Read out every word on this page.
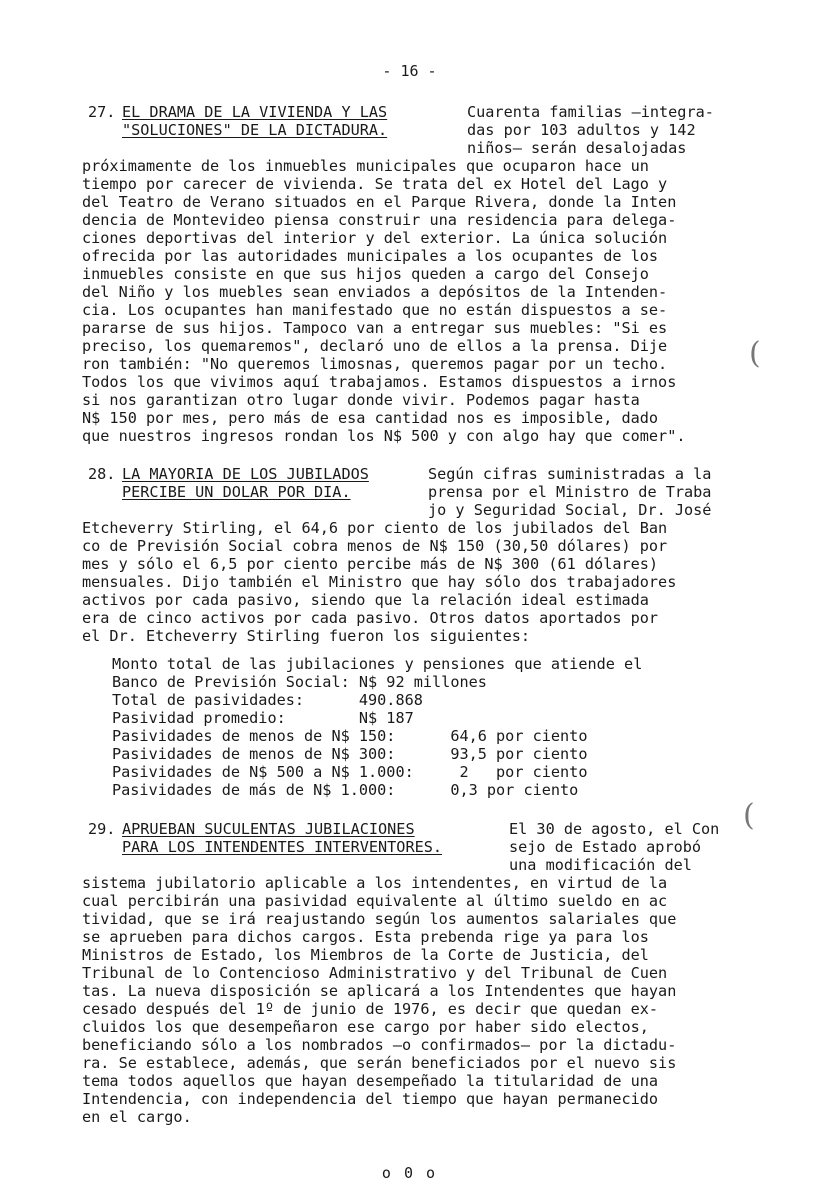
- 16 -
27. EL DRAMA DE LA VIVIENDA Y LAS
"SOLUCIONES" DE LA DICTADURA.
Cuarenta familias —integra-
das por 103 adultos y 142
niños— serán desalojadas
próximamente de los inmuebles municipales que ocuparon hace un
tiempo por carecer de vivienda. Se trata del ex Hotel del Lago y
del Teatro de Verano situados en el Parque Rivera, donde la Inten
dencia de Montevideo piensa construir una residencia para delega-
ciones deportivas del interior y del exterior. La única solución
ofrecida por las autoridades municipales a los ocupantes de los
inmuebles consiste en que sus hijos queden a cargo del Consejo
del Niño y los muebles sean enviados a depósitos de la Intenden-
cia. Los ocupantes han manifestado que no están dispuestos a se-
pararse de sus hijos. Tampoco van a entregar sus muebles: "Si es
preciso, los quemaremos", declaró uno de ellos a la prensa. Dije
ron también: "No queremos limosnas, queremos pagar por un techo.
Todos los que vivimos aquí trabajamos. Estamos dispuestos a irnos
si nos garantizan otro lugar donde vivir. Podemos pagar hasta
N$ 150 por mes, pero más de esa cantidad nos es imposible, dado
que nuestros ingresos rondan los N$ 500 y con algo hay que comer".
(
28. LA MAYORIA DE LOS JUBILADOS
PERCIBE UN DOLAR POR DIA.
Según cifras suministradas a la
prensa por el Ministro de Traba
jo y Seguridad Social, Dr. José
Etcheverry Stirling, el 64,6 por ciento de los jubilados del Ban
co de Previsión Social cobra menos de N$ 150 (30,50 dólares) por
mes y sólo el 6,5 por ciento percibe más de N$ 300 (61 dólares)
mensuales. Dijo también el Ministro que hay sólo dos trabajadores
activos por cada pasivo, siendo que la relación ideal estimada
era de cinco activos por cada pasivo. Otros datos aportados por
el Dr. Etcheverry Stirling fueron los siguientes:
Monto total de las jubilaciones y pensiones que atiende el
Banco de Previsión Social: N$ 92 millones
Total de pasividades:      490.868
Pasividad promedio:        N$ 187
Pasividades de menos de N$ 150:      64,6 por ciento
Pasividades de menos de N$ 300:      93,5 por ciento
Pasividades de N$ 500 a N$ 1.000:     2   por ciento
Pasividades de más de N$ 1.000:      0,3 por ciento
(
29. APRUEBAN SUCULENTAS JUBILACIONES
PARA LOS INTENDENTES INTERVENTORES.
El 30 de agosto, el Con
sejo de Estado aprobó
una modificación del
sistema jubilatorio aplicable a los intendentes, en virtud de la
cual percibirán una pasividad equivalente al último sueldo en ac
tividad, que se irá reajustando según los aumentos salariales que
se aprueben para dichos cargos. Esta prebenda rige ya para los
Ministros de Estado, los Miembros de la Corte de Justicia, del
Tribunal de lo Contencioso Administrativo y del Tribunal de Cuen
tas. La nueva disposición se aplicará a los Intendentes que hayan
cesado después del 1º de junio de 1976, es decir que quedan ex-
cluidos los que desempeñaron ese cargo por haber sido electos,
beneficiando sólo a los nombrados —o confirmados— por la dictadu-
ra. Se establece, además, que serán beneficiados por el nuevo sis
tema todos aquellos que hayan desempeñado la titularidad de una
Intendencia, con independencia del tiempo que hayan permanecido
en el cargo.
o 0 o
